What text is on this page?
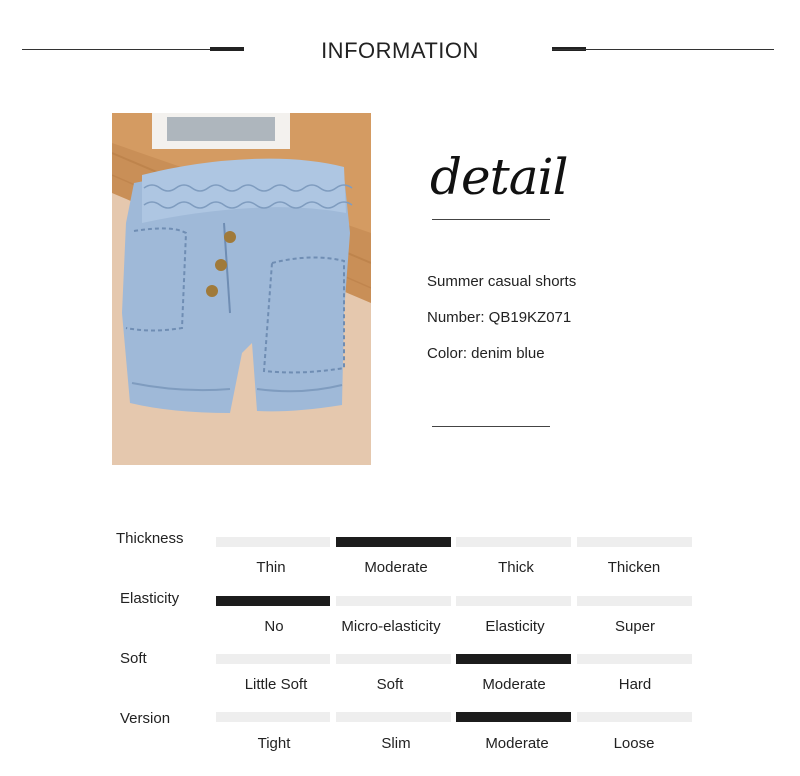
INFORMATION
detail
Summer casual shorts
Number: QB19KZ071
Color: denim blue
Thickness
Thin	Moderate	Thick	Thicken
Elasticity
No	Micro-elasticity	Elasticity	Super
Soft
Little Soft	Soft	Moderate	Hard
Version
Tight	Slim	Moderate	Loose
